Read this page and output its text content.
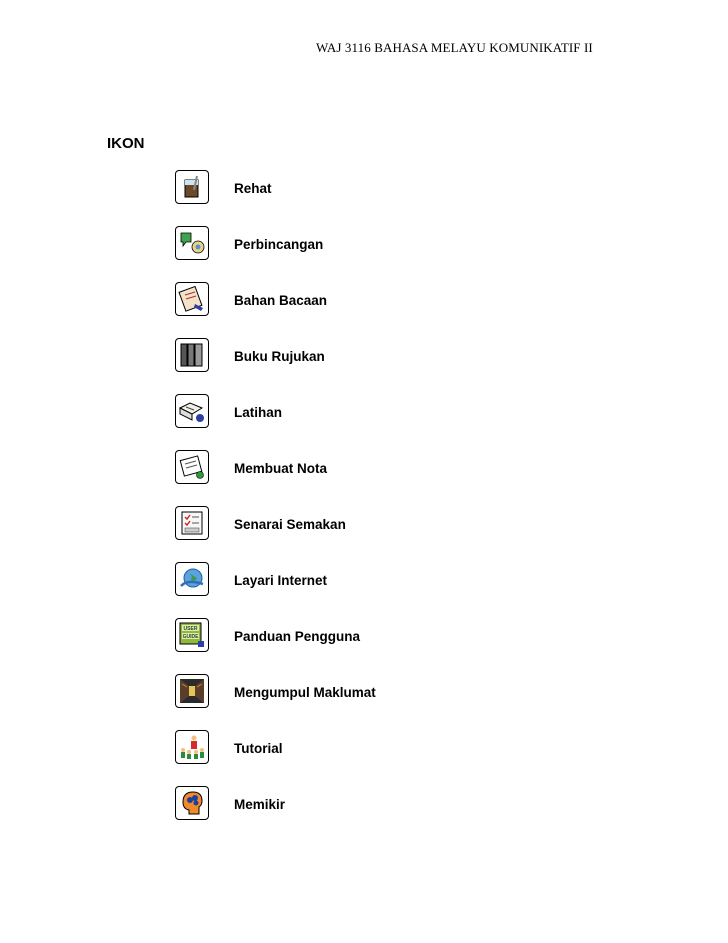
WAJ 3116 BAHASA MELAYU KOMUNIKATIF II
IKON
Rehat
Perbincangan
Bahan Bacaan
Buku Rujukan
Latihan
Membuat Nota
Senarai Semakan
Layari Internet
USER
GUIDE	Panduan Pengguna
Mengumpul Maklumat
Tutorial
Memikir
